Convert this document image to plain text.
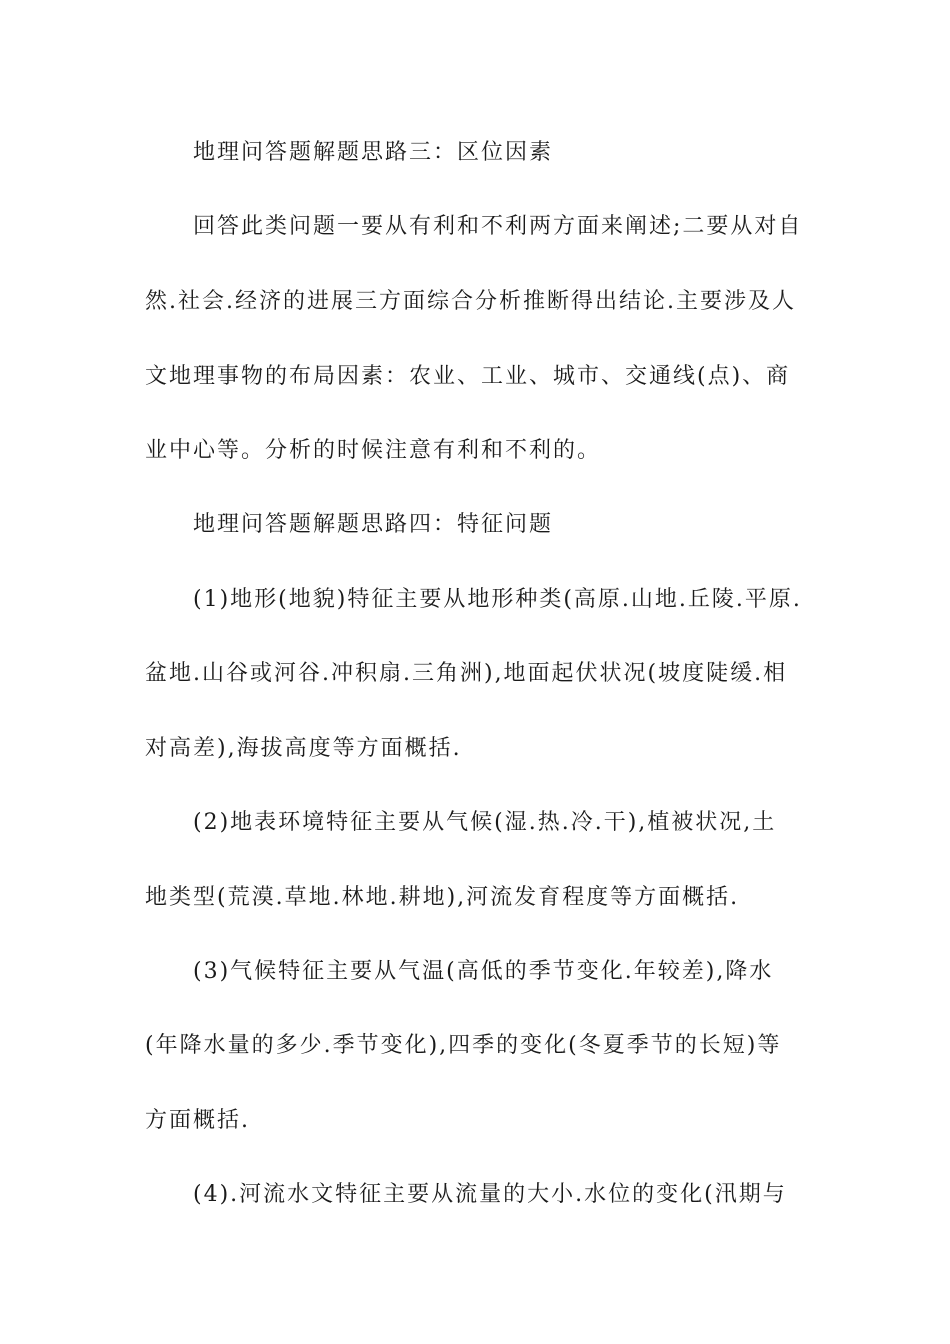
地理问答题解题思路三：区位因素
回答此类问题一要从有利和不利两方面来阐述;二要从对自
然.社会.经济的进展三方面综合分析推断得出结论.主要涉及人
文地理事物的布局因素：农业、工业、城市、交通线(点)、商
业中心等。分析的时候注意有利和不利的。
地理问答题解题思路四：特征问题
(1)地形(地貌)特征主要从地形种类(高原.山地.丘陵.平原.
盆地.山谷或河谷.冲积扇.三角洲),地面起伏状况(坡度陡缓.相
对高差),海拔高度等方面概括.
(2)地表环境特征主要从气候(湿.热.冷.干),植被状况,土
地类型(荒漠.草地.林地.耕地),河流发育程度等方面概括.
(3)气候特征主要从气温(高低的季节变化.年较差),降水
(年降水量的多少.季节变化),四季的变化(冬夏季节的长短)等
方面概括.
(4).河流水文特征主要从流量的大小.水位的变化(汛期与
